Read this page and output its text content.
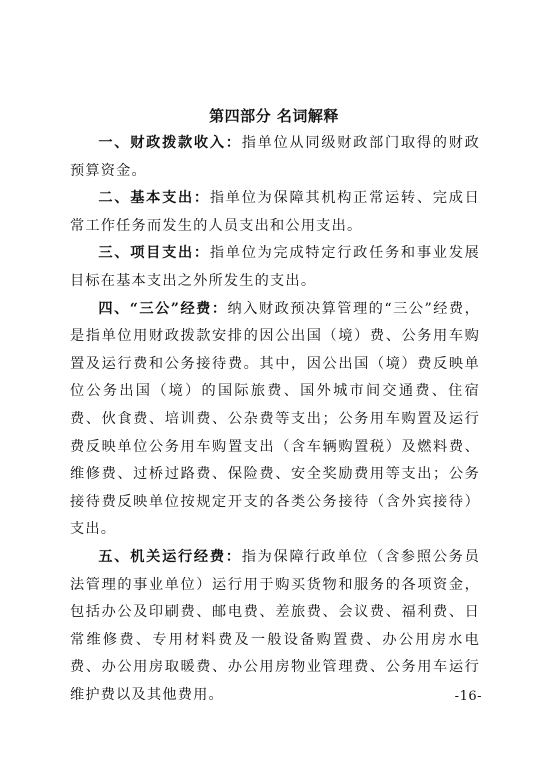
第四部分 名词解释

一、财政拨款收入：指单位从同级财政部门取得的财政预算资金。

二、基本支出：指单位为保障其机构正常运转、完成日常工作任务而发生的人员支出和公用支出。

三、项目支出：指单位为完成特定行政任务和事业发展目标在基本支出之外所发生的支出。

四、“三公”经费：纳入财政预决算管理的“三公”经费，是指单位用财政拨款安排的因公出国（境）费、公务用车购置及运行费和公务接待费。其中，因公出国（境）费反映单位公务出国（境）的国际旅费、国外城市间交通费、住宿费、伙食费、培训费、公杂费等支出；公务用车购置及运行费反映单位公务用车购置支出（含车辆购置税）及燃料费、维修费、过桥过路费、保险费、安全奖励费用等支出；公务接待费反映单位按规定开支的各类公务接待（含外宾接待）支出。

五、机关运行经费：指为保障行政单位（含参照公务员法管理的事业单位）运行用于购买货物和服务的各项资金，包括办公及印刷费、邮电费、差旅费、会议费、福利费、日常维修费、专用材料费及一般设备购置费、办公用房水电费、办公用房取暖费、办公用房物业管理费、公务用车运行维护费以及其他费用。	-16-
